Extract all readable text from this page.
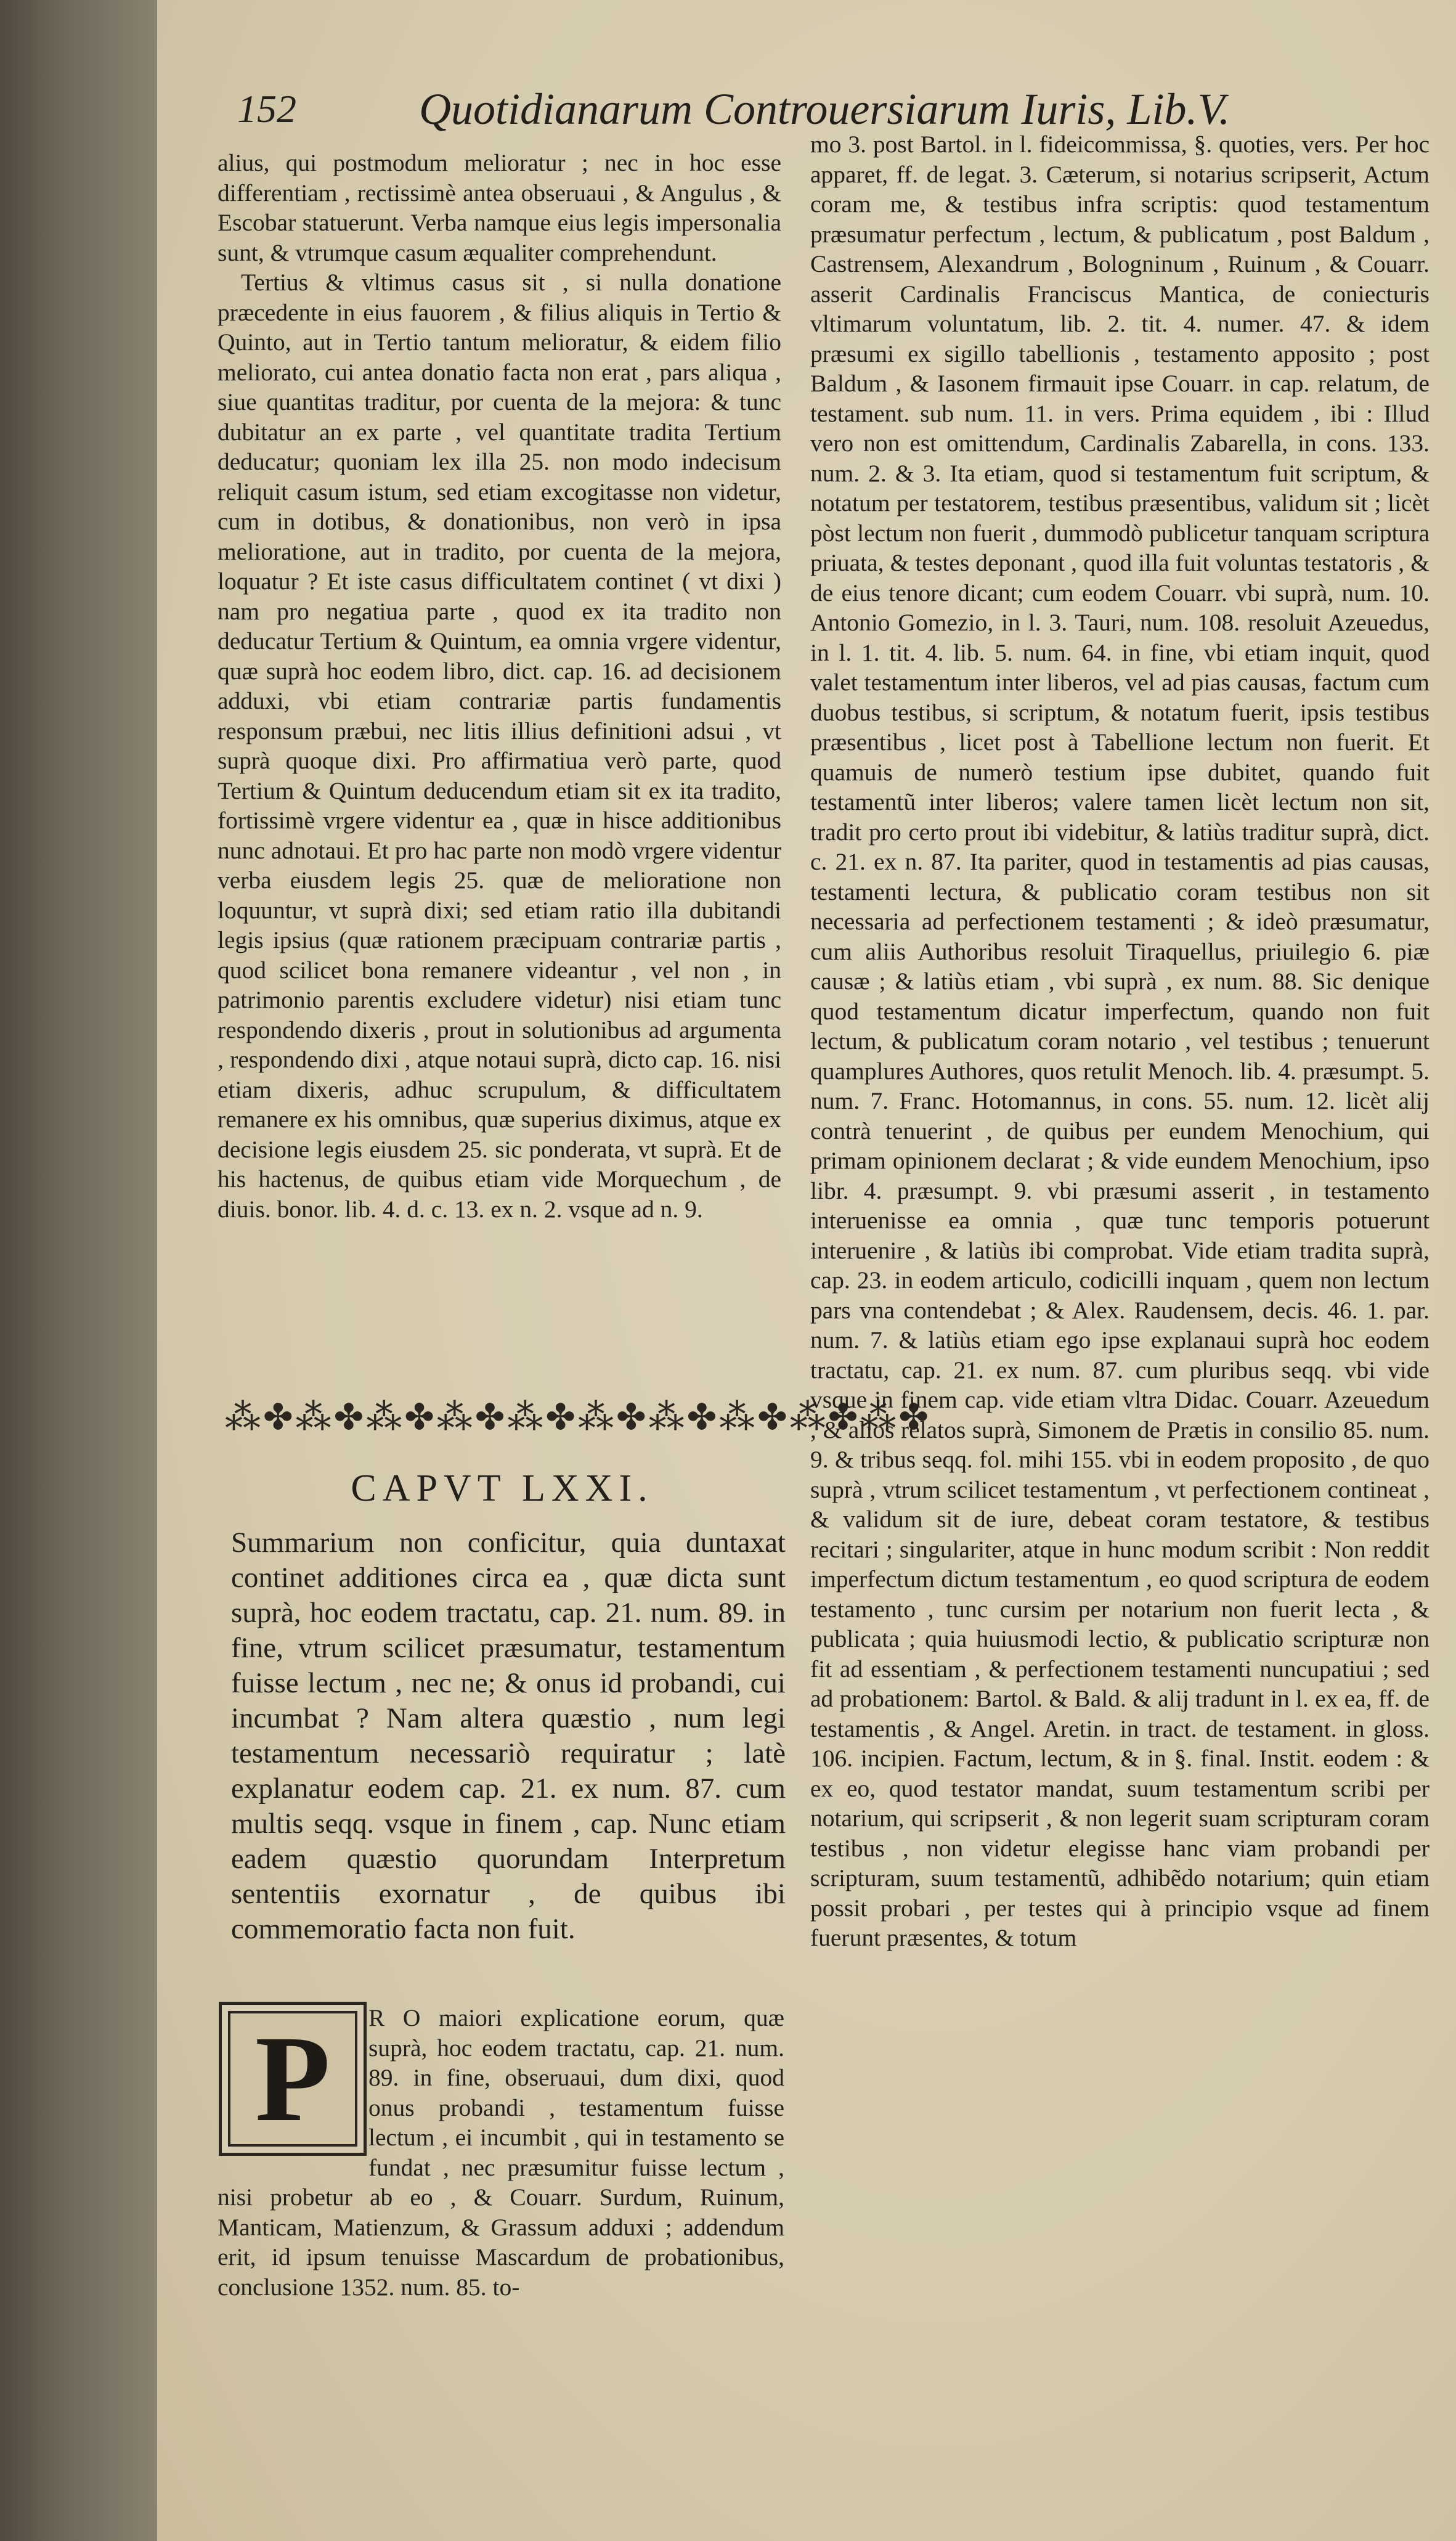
152	Quotidianarum Controuersiarum Iuris, Lib.V.

alius, qui postmodum melioratur ; nec in hoc esse differentiam , rectissimè antea obseruaui , & Angulus , & Escobar statuerunt. Verba namque eius legis impersonalia sunt, & vtrumque casum æqualiter comprehendunt.

Tertius & vltimus casus sit , si nulla donatione præcedente in eius fauorem , & filius aliquis in Tertio & Quinto, aut in Tertio tantum melioratur, & eidem filio meliorato, cui antea donatio facta non erat , pars aliqua , siue quantitas traditur, por cuenta de la mejora: & tunc dubitatur an ex parte , vel quantitate tradita Tertium deducatur; quoniam lex illa 25. non modo indecisum reliquit casum istum, sed etiam excogitasse non videtur, cum in dotibus, & donationibus, non verò in ipsa melioratione, aut in tradito, por cuenta de la mejora, loquatur ? Et iste casus difficultatem continet ( vt dixi ) nam pro negatiua parte , quod ex ita tradito non deducatur Tertium & Quintum, ea omnia vrgere videntur, quæ suprà hoc eodem libro, dict. cap. 16. ad decisionem adduxi, vbi etiam contrariæ partis fundamentis responsum præbui, nec litis illius definitioni adsui , vt suprà quoque dixi. Pro affirmatiua verò parte, quod Tertium & Quintum deducendum etiam sit ex ita tradito, fortissimè vrgere videntur ea , quæ in hisce additionibus nunc adnotaui. Et pro hac parte non modò vrgere videntur verba eiusdem legis 25. quæ de melioratione non loquuntur, vt suprà dixi; sed etiam ratio illa dubitandi legis ipsius (quæ rationem præcipuam contrariæ partis , quod scilicet bona remanere videantur , vel non , in patrimonio parentis excludere videtur) nisi etiam tunc respondendo dixeris , prout in solutionibus ad argumenta , respondendo dixi , atque notaui suprà, dicto cap. 16. nisi etiam dixeris, adhuc scrupulum, & difficultatem remanere ex his omnibus, quæ superius diximus, atque ex decisione legis eiusdem 25. sic ponderata, vt suprà. Et de his hactenus, de quibus etiam vide Morquechum , de diuis. bonor. lib. 4. d. c. 13. ex n. 2. vsque ad n. 9.

⁂✤⁂✤⁂✤⁂✤⁂✤⁂✤⁂✤⁂✤⁂✤⁂✤
CAPVT LXXI.
Summarium non conficitur, quia duntaxat continet additiones circa ea , quæ dicta sunt suprà, hoc eodem tractatu, cap. 21. num. 89. in fine, vtrum scilicet præsumatur, testamentum fuisse lectum , nec ne; & onus id probandi, cui incumbat ? Nam altera quæstio , num legi testamentum necessariò requiratur ; latè explanatur eodem cap. 21. ex num. 87. cum multis seqq. vsque in finem , cap. Nunc etiam eadem quæstio quorundam Interpretum sententiis exornatur , de quibus ibi commemoratio facta non fuit.
R O maiori explicatione eorum, quæ suprà, hoc eodem tractatu, cap. 21. num. 89. in fine, obseruaui, dum dixi, quod onus probandi , testamentum fuisse lectum , ei incumbit , qui in testamento se fundat , nec præsumitur fuisse lectum , nisi probetur ab eo , & Couarr. Surdum, Ruinum, Manticam, Matienzum, & Grassum adduxi ; addendum erit, id ipsum tenuisse Mascardum de probationibus, conclusione 1352. num. 85. to-
P

mo 3. post Bartol. in l. fideicommissa, §. quoties, vers. Per hoc apparet, ff. de legat. 3. Cæterum, si notarius scripserit, Actum coram me, & testibus infra scriptis: quod testamentum præsumatur perfectum , lectum, & publicatum , post Baldum , Castrensem, Alexandrum , Bologninum , Ruinum , & Couarr. asserit Cardinalis Franciscus Mantica, de coniecturis vltimarum voluntatum, lib. 2. tit. 4. numer. 47. & idem præsumi ex sigillo tabellionis , testamento apposito ; post Baldum , & Iasonem firmauit ipse Couarr. in cap. relatum, de testament. sub num. 11. in vers. Prima equidem , ibi : Illud vero non est omittendum, Cardinalis Zabarella, in cons. 133. num. 2. & 3. Ita etiam, quod si testamentum fuit scriptum, & notatum per testatorem, testibus præsentibus, validum sit ; licèt pòst lectum non fuerit , dummodò publicetur tanquam scriptura priuata, & testes deponant , quod illa fuit voluntas testatoris , & de eius tenore dicant; cum eodem Couarr. vbi suprà, num. 10. Antonio Gomezio, in l. 3. Tauri, num. 108. resoluit Azeuedus, in l. 1. tit. 4. lib. 5. num. 64. in fine, vbi etiam inquit, quod valet testamentum inter liberos, vel ad pias causas, factum cum duobus testibus, si scriptum, & notatum fuerit, ipsis testibus præsentibus , licet post à Tabellione lectum non fuerit. Et quamuis de numerò testium ipse dubitet, quando fuit testamentũ inter liberos; valere tamen licèt lectum non sit, tradit pro certo prout ibi videbitur, & latiùs traditur suprà, dict. c. 21. ex n. 87. Ita pariter, quod in testamentis ad pias causas, testamenti lectura, & publicatio coram testibus non sit necessaria ad perfectionem testamenti ; & ideò præsumatur, cum aliis Authoribus resoluit Tiraquellus, priuilegio 6. piæ causæ ; & latiùs etiam , vbi suprà , ex num. 88. Sic denique quod testamentum dicatur imperfectum, quando non fuit lectum, & publicatum coram notario , vel testibus ; tenuerunt quamplures Authores, quos retulit Menoch. lib. 4. præsumpt. 5. num. 7. Franc. Hotomannus, in cons. 55. num. 12. licèt alij contrà tenuerint , de quibus per eundem Menochium, qui primam opinionem declarat ; & vide eundem Menochium, ipso libr. 4. præsumpt. 9. vbi præsumi asserit , in testamento interuenisse ea omnia , quæ tunc temporis potuerunt interuenire , & latiùs ibi comprobat. Vide etiam tradita suprà, cap. 23. in eodem articulo, codicilli inquam , quem non lectum pars vna contendebat ; & Alex. Raudensem, decis. 46. 1. par. num. 7. & latiùs etiam ego ipse explanaui suprà hoc eodem tractatu, cap. 21. ex num. 87. cum pluribus seqq. vbi vide vsque in finem cap. vide etiam vltra Didac. Couarr. Azeuedum , & alios relatos suprà, Simonem de Prætis in consilio 85. num. 9. & tribus seqq. fol. mihi 155. vbi in eodem proposito , de quo suprà , vtrum scilicet testamentum , vt perfectionem contineat , & validum sit de iure, debeat coram testatore, & testibus recitari ; singulariter, atque in hunc modum scribit : Non reddit imperfectum dictum testamentum , eo quod scriptura de eodem testamento , tunc cursim per notarium non fuerit lecta , & publicata ; quia huiusmodi lectio, & publicatio scripturæ non fit ad essentiam , & perfectionem testamenti nuncupatiui ; sed ad probationem: Bartol. & Bald. & alij tradunt in l. ex ea, ff. de testamentis , & Angel. Aretin. in tract. de testament. in gloss. 106. incipien. Factum, lectum, & in §. final. Instit. eodem : & ex eo, quod testator mandat, suum testamentum scribi per notarium, qui scripserit , & non legerit suam scripturam coram testibus , non videtur elegisse hanc viam probandi per scripturam, suum testamentũ, adhibẽdo notarium; quin etiam possit probari , per testes qui à principio vsque ad finem fuerunt præsentes, & totum
